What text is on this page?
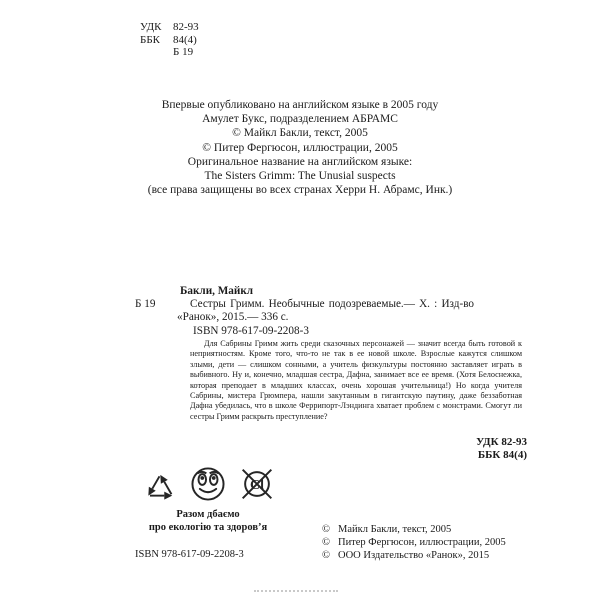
УДК	82-93
ББК	84(4)
Б 19
Впервые опубликовано на английском языке в 2005 году
Амулет Букс, подразделением АБРАМС
© Майкл Бакли, текст, 2005
© Питер Фергюсон, иллюстрации, 2005
Оригинальное название на английском языке:
The Sisters Grimm: The Unusial suspects
(все права защищены во всех странах Херри Н. Абрамс, Инк.)
Бакли, Майкл
Б 19	Сестры Гримм. Необычные подозреваемые.— Х. : Изд-во «Ранок», 2015.— 336 с.
ISBN 978-617-09-2208-3
Для Сабрины Гримм жить среди сказочных персонажей — значит всегда быть готовой к неприятностям. Кроме того, что-то не так в ее новой школе. Взрослые кажутся слишком злыми, дети — слишком сонными, а учитель физкультуры постоянно заставляет играть в выбивного. Ну и, конечно, младшая сестра, Дафна, занимает все ее время. (Хотя Белоснежка, которая преподает в младших классах, очень хорошая учительница!) Но когда учителя Сабрины, мистера Грюмпера, нашли закутанным в гигантскую паутину, даже беззаботная Дафна убедилась, что в школе Феррипорт-Лэндинга хватает проблем с монстрами. Смогут ли сестры Гримм раскрыть преступление?
УДК 82-93
ББК 84(4)
Cl
Разом дбаємо
про екологію та здоров’я
ISBN 978-617-09-2208-3
© Майкл Бакли, текст, 2005
© Питер Фергюсон, иллюстрации, 2005
© ООО Издательство «Ранок», 2015
